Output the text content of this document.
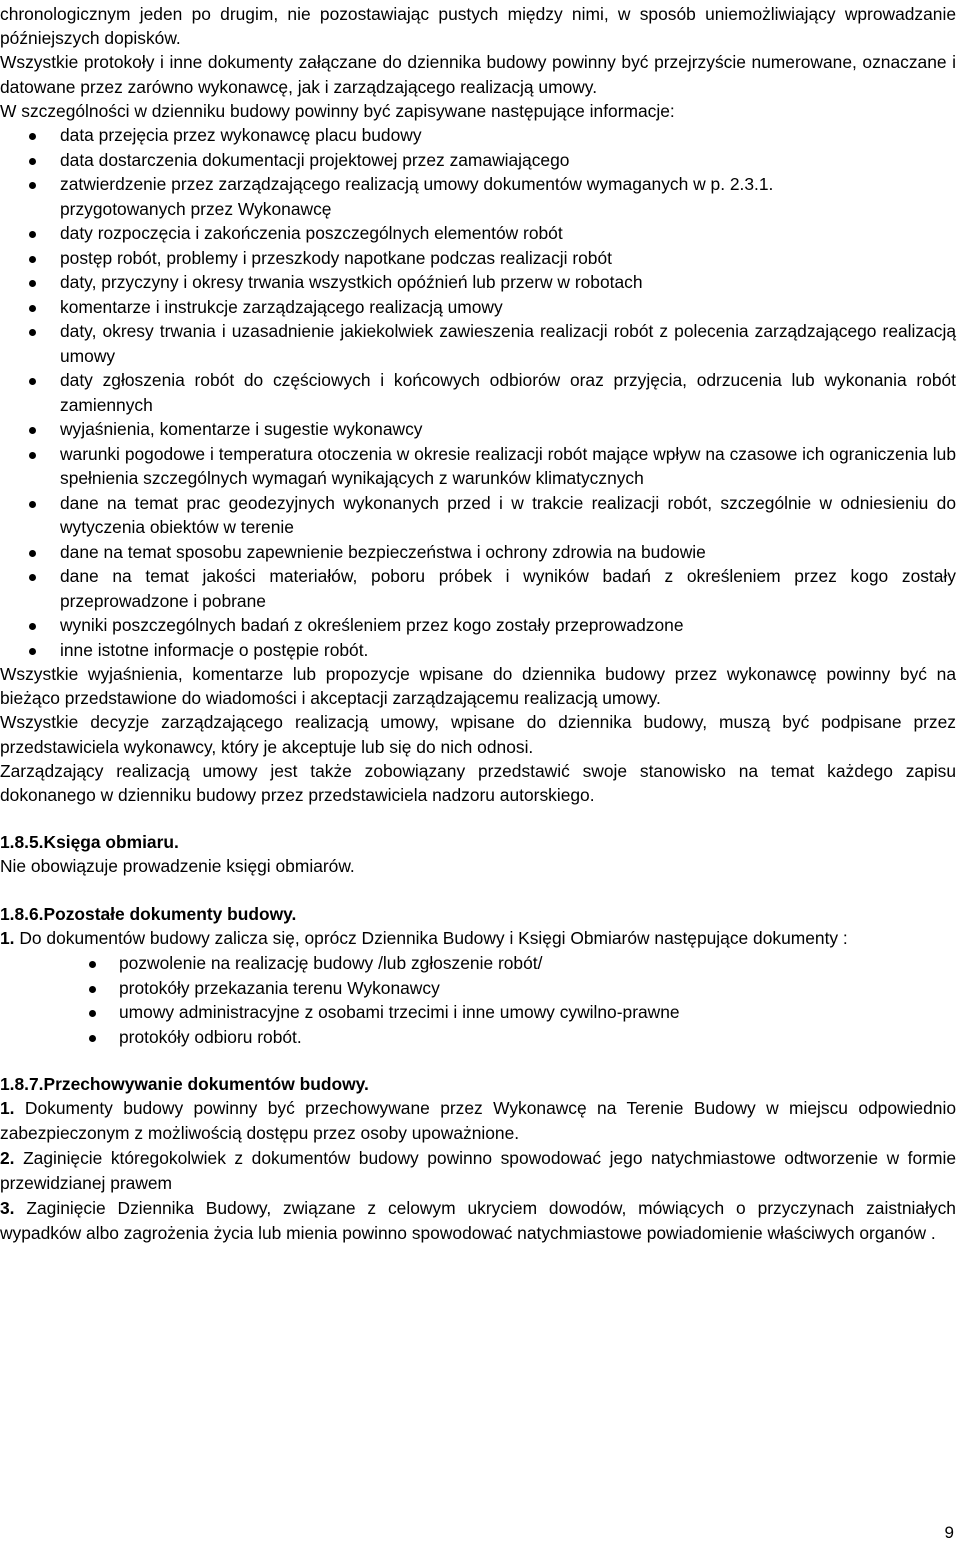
chronologicznym jeden po drugim, nie pozostawiając pustych między nimi, w sposób uniemożliwiający wprowadzanie późniejszych dopisków.

Wszystkie protokoły i inne dokumenty załączane do dziennika budowy powinny być przejrzyście numerowane, oznaczane i datowane przez zarówno wykonawcę, jak i zarządzającego realizacją umowy.

W szczególności w dzienniku budowy powinny być zapisywane następujące informacje:

data przejęcia przez wykonawcę placu budowy
data dostarczenia dokumentacji projektowej przez zamawiającego
zatwierdzenie przez zarządzającego realizacją umowy dokumentów wymaganych w p. 2.3.1.
przygotowanych przez Wykonawcę
daty rozpoczęcia i zakończenia poszczególnych elementów robót
postęp robót, problemy i przeszkody napotkane podczas realizacji robót
daty, przyczyny i okresy trwania wszystkich opóźnień lub przerw w robotach
komentarze i instrukcje zarządzającego realizacją umowy
daty, okresy trwania i uzasadnienie jakiekolwiek zawieszenia realizacji robót z polecenia zarządzającego realizacją umowy
daty zgłoszenia robót do częściowych i końcowych odbiorów oraz przyjęcia, odrzucenia lub wykonania robót zamiennych
wyjaśnienia, komentarze i sugestie wykonawcy
warunki pogodowe i temperatura otoczenia w okresie realizacji robót mające wpływ na czasowe ich ograniczenia lub spełnienia szczególnych wymagań wynikających z warunków klimatycznych
dane na temat prac geodezyjnych wykonanych przed i w trakcie realizacji robót, szczególnie w odniesieniu do wytyczenia obiektów w terenie
dane na temat sposobu zapewnienie bezpieczeństwa i ochrony zdrowia na budowie
dane na temat jakości materiałów, poboru próbek i wyników badań z określeniem przez kogo zostały przeprowadzone i pobrane
wyniki poszczególnych badań z określeniem przez kogo zostały przeprowadzone
inne istotne informacje o postępie robót.

Wszystkie wyjaśnienia, komentarze lub propozycje wpisane do dziennika budowy przez wykonawcę powinny być na bieżąco przedstawione do wiadomości i akceptacji zarządzającemu realizacją umowy.

Wszystkie decyzje zarządzającego realizacją umowy, wpisane do dziennika budowy, muszą być podpisane przez przedstawiciela wykonawcy, który je akceptuje lub się do nich odnosi.

Zarządzający realizacją umowy jest także zobowiązany przedstawić swoje stanowisko na temat każdego zapisu dokonanego w dzienniku budowy przez przedstawiciela nadzoru autorskiego.

1.8.5.Księga obmiaru.

Nie obowiązuje prowadzenie księgi obmiarów.

1.8.6.Pozostałe dokumenty budowy.

1. Do dokumentów budowy zalicza się, oprócz Dziennika Budowy i Księgi Obmiarów następujące dokumenty :

pozwolenie na realizację budowy /lub zgłoszenie robót/
protokóły przekazania terenu Wykonawcy
umowy administracyjne z osobami trzecimi i inne umowy cywilno-prawne
protokóły odbioru robót.
1.8.7.Przechowywanie dokumentów budowy.

1. Dokumenty budowy powinny być przechowywane przez Wykonawcę na Terenie Budowy w miejscu odpowiednio zabezpieczonym z możliwością dostępu przez osoby upoważnione.

2. Zaginięcie któregokolwiek z dokumentów budowy powinno spowodować jego natychmiastowe odtworzenie w formie przewidzianej prawem

3. Zaginięcie Dziennika Budowy, związane z celowym ukryciem dowodów, mówiących o przyczynach zaistniałych wypadków albo zagrożenia życia lub mienia powinno spowodować natychmiastowe powiadomienie właściwych organów .

9
